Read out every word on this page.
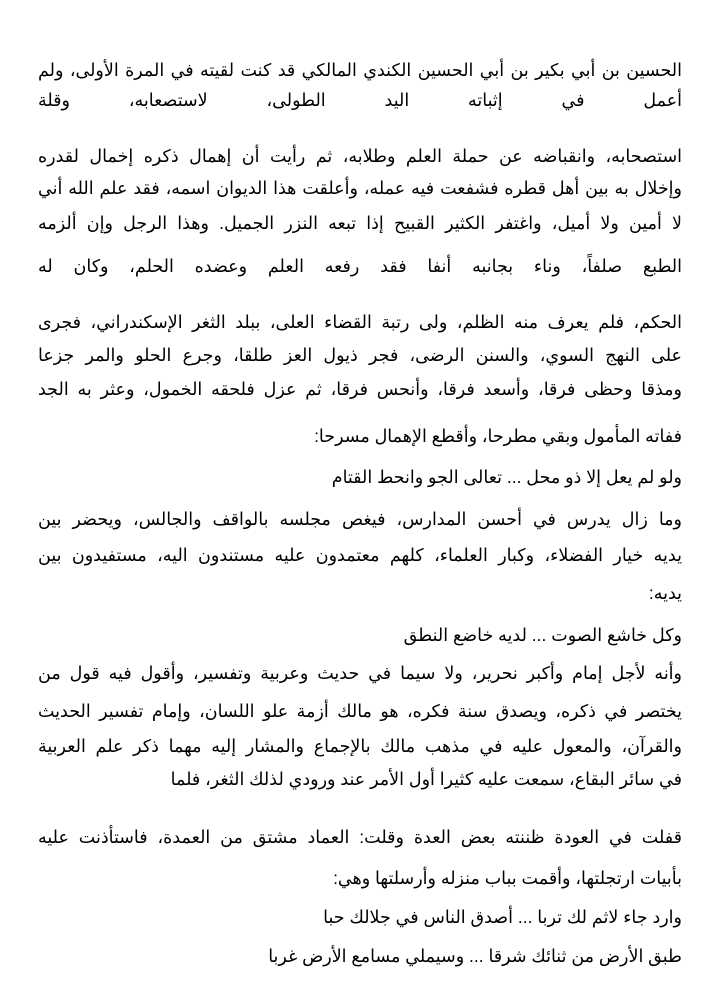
الحسين بن أبي بكير بن أبي الحسين الكندي المالكي قد كنت لقيته في المرة الأولى، ولم
أعمل في إثباته اليد الطولى، لاستصعابه، وقلة
استصحابه، وانقباضه عن حملة العلم وطلابه، ثم رأيت أن إهمال ذكره إخمال لقدره
وإخلال به بين أهل قطره فشفعت فيه عمله، وأعلقت هذا الديوان اسمه، فقد علم الله أني
لا أمين ولا أميل، واغتفر الكثير القبيح إذا تبعه النزر الجميل. وهذا الرجل وإن ألزمه
الطبع صلفاً، وناء بجانبه أنفا فقد رفعه العلم وعضده الحلم، وكان له
الحكم، فلم يعرف منه الظلم، ولى رتبة القضاء العلى، ببلد الثغر الإسكندراني، فجرى
على النهج السوي، والسنن الرضى، فجر ذيول العز طلقا، وجرع الحلو والمر جزعا
ومذقا وحظى فرقا، وأسعد فرقا، وأنحس فرقا، ثم عزل فلحقه الخمول، وعثر به الجد
ففاته المأمول وبقي مطرحا، وأقطع الإهمال مسرحا:
ولو لم يعل إلا ذو محل ... تعالى الجو وانحط القتام
وما زال يدرس في أحسن المدارس، فيغص مجلسه بالواقف والجالس، ويحضر بين
يديه خيار الفضلاء، وكبار العلماء، كلهم معتمدون عليه مستندون اليه، مستفيدون بين
يديه:
وكل خاشع الصوت ... لديه خاضع النطق
وأنه لأجل إمام وأكبر نحرير، ولا سيما في حديث وعربية وتفسير، وأقول فيه قول من
يختصر في ذكره، ويصدق سنة فكره، هو مالك أزمة علو اللسان، وإمام تفسير الحديث
والقرآن، والمعول عليه في مذهب مالك بالإجماع والمشار إليه مهما ذكر علم العربية
في سائر البقاع، سمعت عليه كثيرا أول الأمر عند ورودي لذلك الثغر، فلما
قفلت في العودة ظننته بعض العدة وقلت: العماد مشتق من العمدة، فاستأذنت عليه
بأبيات ارتجلتها، وأقمت بباب منزله وأرسلتها وهي:
وارد جاء لاثم لك تربا ... أصدق الناس في جلالك حبا
طبق الأرض من ثنائك شرقا ... وسيملي مسامع الأرض غربا
